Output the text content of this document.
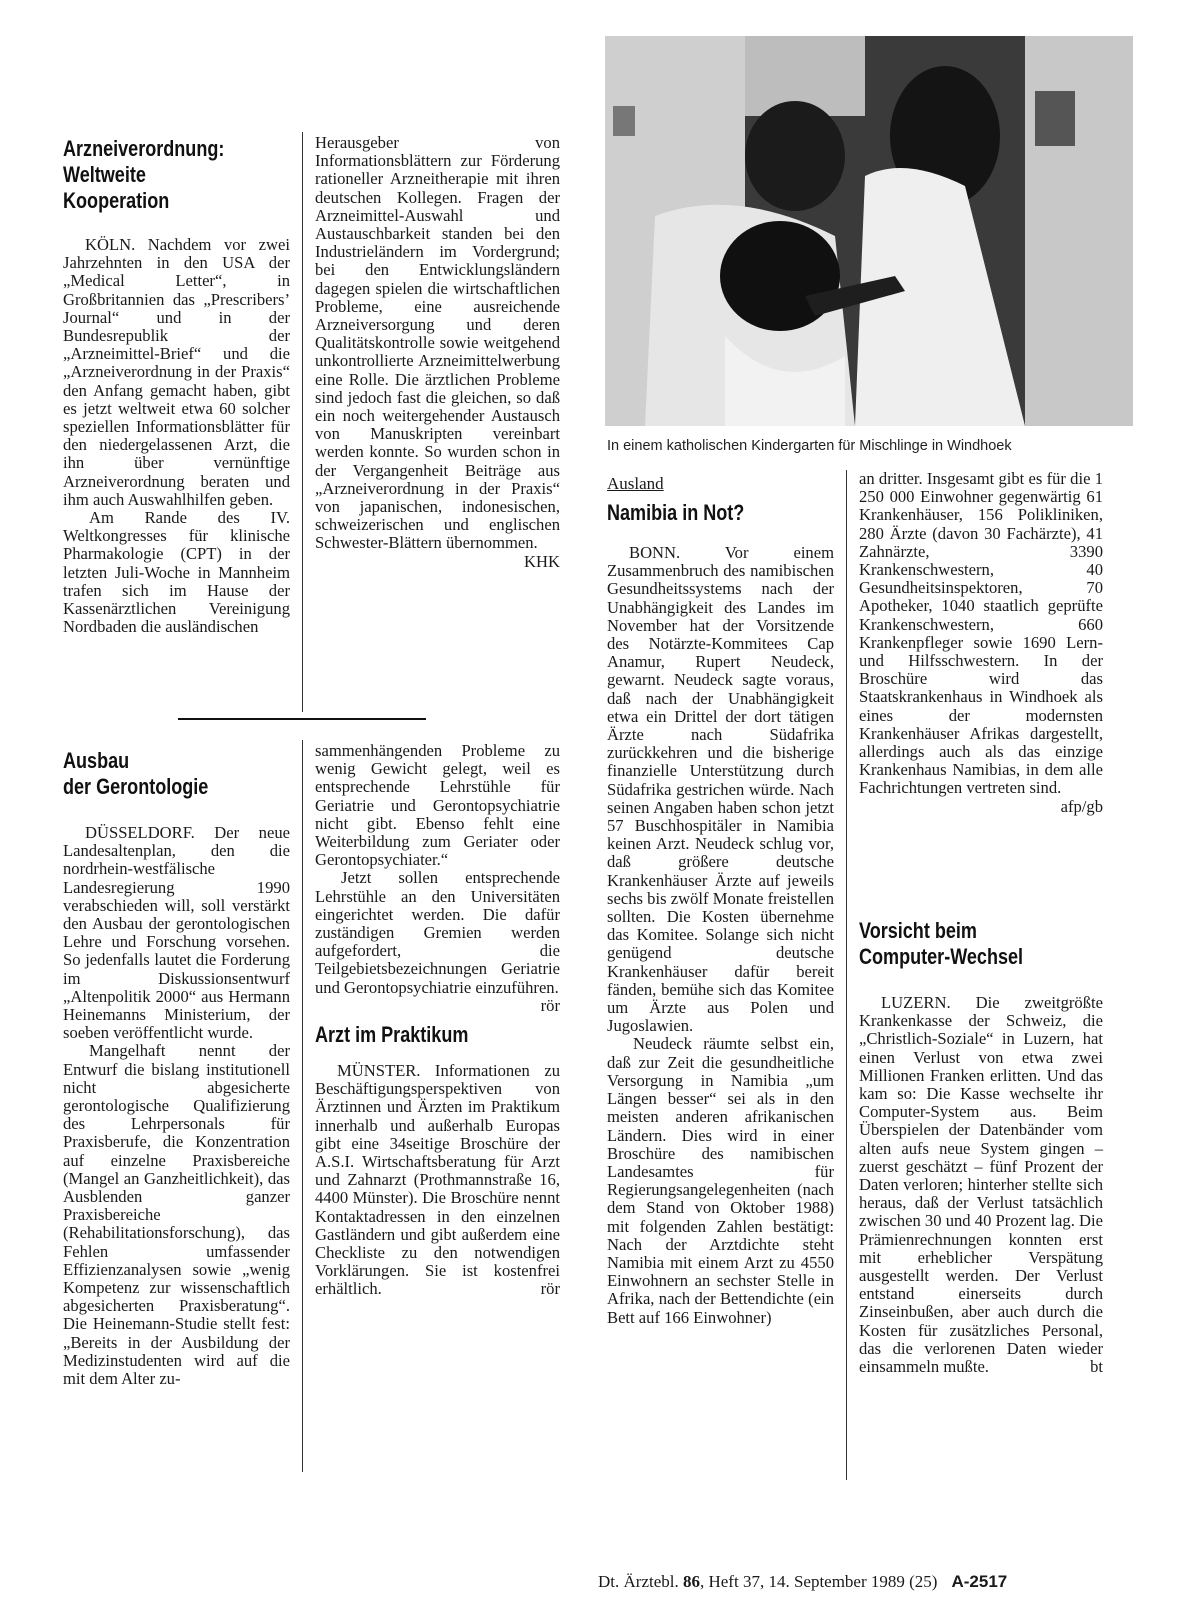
Arzneiverordnung:
Weltweite
Kooperation

KÖLN. Nachdem vor zwei Jahrzehnten in den USA der „Medical Letter“, in Großbritannien das „Prescribers’ Journal“ und in der Bundesrepublik der „Arzneimittel-Brief“ und die „Arzneiverordnung in der Praxis“ den Anfang gemacht haben, gibt es jetzt weltweit etwa 60 solcher speziellen Informationsblätter für den niedergelassenen Arzt, die ihn über vernünftige Arzneiverordnung beraten und ihm auch Auswahlhilfen geben.

Am Rande des IV. Weltkongresses für klinische Pharmakologie (CPT) in der letzten Juli-Woche in Mannheim trafen sich im Hause der Kassenärztlichen Vereinigung Nordbaden die ausländischen

Herausgeber von Informationsblättern zur Förderung rationeller Arzneitherapie mit ihren deutschen Kollegen. Fragen der Arzneimittel-Auswahl und Austauschbarkeit standen bei den Industrieländern im Vordergrund; bei den Entwicklungsländern dagegen spielen die wirtschaftlichen Probleme, eine ausreichende Arzneiversorgung und deren Qualitätskontrolle sowie weitgehend unkontrollierte Arzneimittelwerbung eine Rolle. Die ärztlichen Probleme sind jedoch fast die gleichen, so daß ein noch weitergehender Austausch von Manuskripten vereinbart werden konnte. So wurden schon in der Vergangenheit Beiträge aus „Arzneiverordnung in der Praxis“ von japanischen, indonesischen, schweizerischen und englischen Schwester-Blättern übernommen.
KHK

Ausbau
der Gerontologie

DÜSSELDORF. Der neue Landesaltenplan, den die nordrhein-westfälische Landesregierung 1990 verabschieden will, soll verstärkt den Ausbau der gerontologischen Lehre und Forschung vorsehen. So jedenfalls lautet die Forderung im Diskussionsentwurf „Altenpolitik 2000“ aus Hermann Heinemanns Ministerium, der soeben veröffentlicht wurde.

Mangelhaft nennt der Entwurf die bislang institutionell nicht abgesicherte gerontologische Qualifizierung des Lehrpersonals für Praxisberufe, die Konzentration auf einzelne Praxisbereiche (Mangel an Ganzheitlichkeit), das Ausblenden ganzer Praxisbereiche (Rehabilitationsforschung), das Fehlen umfassender Effizienzanalysen sowie „wenig Kompetenz zur wissenschaftlich abgesicherten Praxisberatung“. Die Heinemann-Studie stellt fest: „Bereits in der Ausbildung der Medizinstudenten wird auf die mit dem Alter zu-

sammenhängenden Probleme zu wenig Gewicht gelegt, weil es entsprechende Lehrstühle für Geriatrie und Gerontopsychiatrie nicht gibt. Ebenso fehlt eine Weiterbildung zum Geriater oder Gerontopsychiater.“

Jetzt sollen entsprechende Lehrstühle an den Universitäten eingerichtet werden. Die dafür zuständigen Gremien werden aufgefordert, die Teilgebietsbezeichnungen Geriatrie und Gerontopsychiatrie einzuführen.
rör

Arzt im Praktikum

MÜNSTER. Informationen zu Beschäftigungsperspektiven von Ärztinnen und Ärzten im Praktikum innerhalb und außerhalb Europas gibt eine 34seitige Broschüre der A.S.I. Wirtschaftsberatung für Arzt und Zahnarzt (Prothmannstraße 16, 4400 Münster). Die Broschüre nennt Kontaktadressen in den einzelnen Gastländern und gibt außerdem eine Checkliste zu den notwendigen Vorklärungen. Sie ist kostenfrei erhältlich.	rör

In einem katholischen Kindergarten für Mischlinge in Windhoek
Ausland
Namibia in Not?

BONN. Vor einem Zusammenbruch des namibischen Gesundheitssystems nach der Unabhängigkeit des Landes im November hat der Vorsitzende des Notärzte-Kommitees Cap Anamur, Rupert Neudeck, gewarnt. Neudeck sagte voraus, daß nach der Unabhängigkeit etwa ein Drittel der dort tätigen Ärzte nach Südafrika zurückkehren und die bisherige finanzielle Unterstützung durch Südafrika gestrichen würde. Nach seinen Angaben haben schon jetzt 57 Buschhospitäler in Namibia keinen Arzt. Neudeck schlug vor, daß größere deutsche Krankenhäuser Ärzte auf jeweils sechs bis zwölf Monate freistellen sollten. Die Kosten übernehme das Komitee. Solange sich nicht genügend deutsche Krankenhäuser dafür bereit fänden, bemühe sich das Komitee um Ärzte aus Polen und Jugoslawien.

Neudeck räumte selbst ein, daß zur Zeit die gesundheitliche Versorgung in Namibia „um Längen besser“ sei als in den meisten anderen afrikanischen Ländern. Dies wird in einer Broschüre des namibischen Landesamtes für Regierungsangelegenheiten (nach dem Stand von Oktober 1988) mit folgenden Zahlen bestätigt: Nach der Arztdichte steht Namibia mit einem Arzt zu 4550 Einwohnern an sechster Stelle in Afrika, nach der Bettendichte (ein Bett auf 166 Einwohner)

an dritter. Insgesamt gibt es für die 1 250 000 Einwohner gegenwärtig 61 Krankenhäuser, 156 Polikliniken, 280 Ärzte (davon 30 Fachärzte), 41 Zahnärzte, 3390 Krankenschwestern, 40 Gesundheitsinspektoren, 70 Apotheker, 1040 staatlich geprüfte Krankenschwestern, 660 Krankenpfleger sowie 1690 Lern- und Hilfsschwestern. In der Broschüre wird das Staatskrankenhaus in Windhoek als eines der modernsten Krankenhäuser Afrikas dargestellt, allerdings auch als das einzige Krankenhaus Namibias, in dem alle Fachrichtungen vertreten sind.
afp/gb

Vorsicht beim
Computer-Wechsel

LUZERN. Die zweitgrößte Krankenkasse der Schweiz, die „Christlich-Soziale“ in Luzern, hat einen Verlust von etwa zwei Millionen Franken erlitten. Und das kam so: Die Kasse wechselte ihr Computer-System aus. Beim Überspielen der Datenbänder vom alten aufs neue System gingen – zuerst geschätzt – fünf Prozent der Daten verloren; hinterher stellte sich heraus, daß der Verlust tatsächlich zwischen 30 und 40 Prozent lag. Die Prämienrechnungen konnten erst mit erheblicher Verspätung ausgestellt werden. Der Verlust entstand einerseits durch Zinseinbußen, aber auch durch die Kosten für zusätzliches Personal, das die verlorenen Daten wieder einsammeln mußte.	bt

Dt. Ärztebl. 86, Heft 37, 14. September 1989 (25) A-2517
